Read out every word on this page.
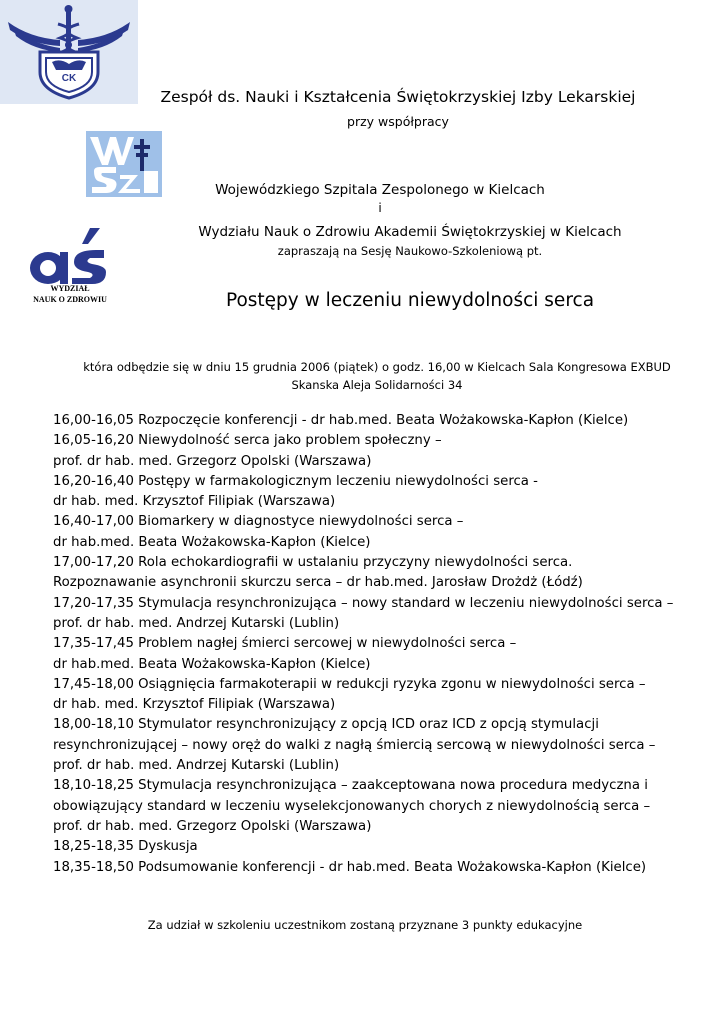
CK
WYDZIAŁ
NAUK O ZDROWIU
Zespół ds. Nauki i Kształcenia Świętokrzyskiej Izby Lekarskiej
przy współpracy
Wojewódzkiego Szpitala Zespolonego w Kielcach
i
Wydziału Nauk o Zdrowiu Akademii Świętokrzyskiej w Kielcach
zapraszają na Sesję Naukowo-Szkoleniową pt.
Postępy w leczeniu niewydolności serca
która odbędzie się w dniu 15 grudnia 2006 (piątek) o godz. 16,00 w Kielcach Sala Kongresowa EXBUD
Skanska Aleja Solidarności 34
16,00-16,05 Rozpoczęcie konferencji - dr hab.med. Beata Wożakowska-Kapłon (Kielce)
16,05-16,20 Niewydolność serca jako problem społeczny –
prof. dr hab. med. Grzegorz Opolski (Warszawa)
16,20-16,40 Postępy w farmakologicznym leczeniu niewydolności serca -
dr hab. med. Krzysztof Filipiak (Warszawa)
16,40-17,00 Biomarkery w diagnostyce niewydolności serca –
dr hab.med. Beata Wożakowska-Kapłon (Kielce)
17,00-17,20 Rola echokardiografii w ustalaniu przyczyny niewydolności serca.
Rozpoznawanie asynchronii skurczu serca – dr hab.med. Jarosław Drożdż (Łódź)
17,20-17,35 Stymulacja resynchronizująca – nowy standard w leczeniu niewydolności serca –
prof. dr hab. med. Andrzej Kutarski (Lublin)
17,35-17,45 Problem nagłej śmierci sercowej w niewydolności serca –
dr hab.med. Beata Wożakowska-Kapłon (Kielce)
17,45-18,00 Osiągnięcia farmakoterapii w redukcji ryzyka zgonu w niewydolności serca –
dr hab. med. Krzysztof Filipiak (Warszawa)
18,00-18,10 Stymulator resynchronizujący z opcją ICD oraz ICD z opcją stymulacji
resynchronizującej – nowy oręż do walki z nagłą śmiercią sercową w niewydolności serca –
prof. dr hab. med. Andrzej Kutarski (Lublin)
18,10-18,25 Stymulacja resynchronizująca – zaakceptowana nowa procedura medyczna i
obowiązujący standard w leczeniu wyselekcjonowanych chorych z niewydolnością serca –
prof. dr hab. med. Grzegorz Opolski (Warszawa)
18,25-18,35 Dyskusja
18,35-18,50 Podsumowanie konferencji - dr hab.med. Beata Wożakowska-Kapłon (Kielce)
Za udział w szkoleniu uczestnikom zostaną przyznane 3 punkty edukacyjne
